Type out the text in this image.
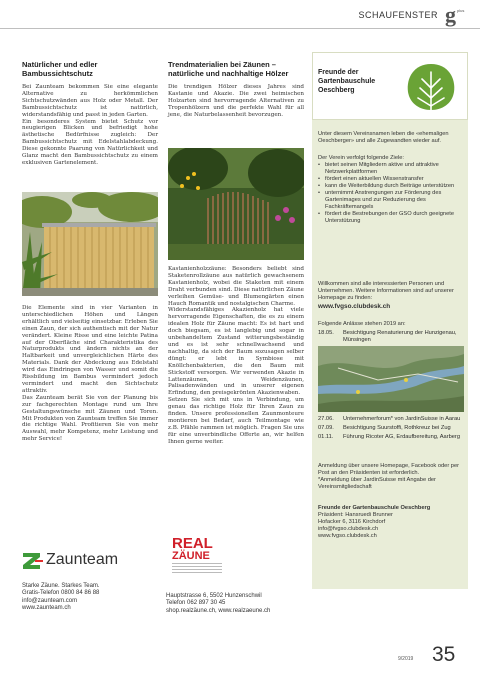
SCHAUFENSTER g plus
Natürlicher und edler Bambussichtschutz

Bei Zaunteam bekommen Sie eine elegante Alternative zu herkömmlichen Sichtschutzwänden aus Holz oder Metall. Der Bambussichtschutz ist natürlich, widerstandsfähig und passt in jeden Garten.

Ein besonderes System bietet Schutz vor neugierigen Blicken und befriedigt hohe ästhetische Bedürfnisse zugleich: Der Bambussichtschutz mit Edelstahlabdeckung. Diese gekonnte Paarung von Natürlichkeit und Glanz macht den Bambussichtschutz zu einem exklusiven Gartenelement.

Die Elemente sind in vier Varianten in unterschiedlichen Höhen und Längen erhältlich und vielseitig einsetzbar. Erleben Sie einen Zaun, der sich authentisch mit der Natur verändert. Kleine Risse und eine leichte Patina auf der Oberfläche sind Charakteristika des Naturprodukts und ändern nichts an der Haltbarkeit und unvergleichlichen Härte des Materials. Dank der Abdeckung aus Edelstahl wird das Eindringen von Wasser und somit die Rissbildung im Bambus vermindert jedoch vermindert und macht den Sichtschutz attraktiv.

Das Zaunteam berät Sie von der Planung bis zur fachgerechten Montage rund um Ihre Gestaltungswünsche mit Zäunen und Toren. Mit Produkten von Zaunteam treffen Sie immer die richtige Wahl. Profitieren Sie von mehr Auswahl, mehr Kompetenz, mehr Leistung und mehr Service!

Zaunteam
Starke Zäune. Starkes Team.
Gratis-Telefon 0800 84 86 88
info@zaunteam.com
www.zaunteam.ch
Trendmaterialien bei Zäunen – natürliche und nachhaltige Hölzer
Die trendigen Hölzer dieses Jahres sind Kastanie und Akazie. Die zwei heimischen Holzarten sind hervorragende Alternativen zu Tropenhölzern und die perfekte Wahl für all jene, die Naturbelassenheit bevorzugen.

Kastanienholzzäune: Besonders beliebt sind Staketenrollzäune aus natürlich gewachsenem Kastanienholz, wobei die Staketen mit einem Draht verbunden sind. Diese natürlichen Zäune verleihen Gemüse- und Blumengärten einen Hauch Romantik und nostalgischen Charme.

Widerstandsfähiges Akazienholz hat viele hervorragende Eigenschaften, die es zu einem idealen Holz für Zäune macht: Es ist hart und doch biegsam, es ist langlebig und sogar in unbehandeltem Zustand witterungsbeständig und es ist sehr schnellwachsend und nachhaltig, da sich der Baum sozusagen selber düngt: er lebt in Symbiose mit Knöllchenbakterien, die den Baum mit Stickstoff versorgen. Wir verwenden Akazie in Lattenzäunen, Weidenzäunen, Palisadenwänden und in unserer eigenen Erfindung, den preisgekrönten Akazienwaben.

Setzen Sie sich mit uns in Verbindung, um genau das richtige Holz für Ihren Zaun zu finden. Unsere professionellen Zaunmonteure montieren bei Bedarf, auch Teilmontage wie z.B. Pfähle rammen ist möglich. Fragen Sie uns für eine unverbindliche Offerte an, wir helfen Ihnen gerne weiter.

REAL
ZÄUNE
Hauptstrasse 6, 5502 Hunzenschwil
Telefon 062 897 30 45
shop.realzäune.ch, www.realzaeune.ch
Freunde der Gartenbauschule Oeschberg
Unter diesem Vereinsnamen leben die «ehemaligen Oeschberger» und alle Zugewandten wieder auf.

Der Verein verfolgt folgende Ziele:

• bietet seinen Mitgliedern aktive und attraktive Netzwerkplattformen
• fördert einen aktuellen Wissenstransfer
• kann die Weiterbildung durch Beiträge unterstützen
• unternimmt Anstrengungen zur Förderung des Gartenimages und zur Reduzierung des Fachkräftemangels
• fördert die Bestrebungen der GSO durch geeignete Unterstützung

Willkommen sind alle interessierten Personen und Unternehmen. Weitere Informationen sind auf unserer Homepage zu finden:

www.fvgso.clubdesk.ch

Folgende Anlässe stehen 2019 an:
18.05.	Besichtigung Renaturierung der Hunzigenau, Münsingen
27.06.	Unternehmerforum* von JardinSuisse in Aarau
07.09.	Besichtigung Suurstoffi, Rothkreuz bei Zug
01.11.	Führung Ricoter AG, Erdaufbereitung, Aarberg

Anmeldung über unsere Homepage, Facebook oder per Post an den Präsidenten ist erforderlich.

*Anmeldung über JardinSuisse mit Angabe der Vereinsmitgliedschaft

Freunde der Gartenbauschule Oeschberg

Präsident: Hansruedi Brunner

Hofacker 6, 3116 Kirchdorf

info@fvgso.clubdesk.ch

www.fvgso.clubdesk.ch

9/2019 35
